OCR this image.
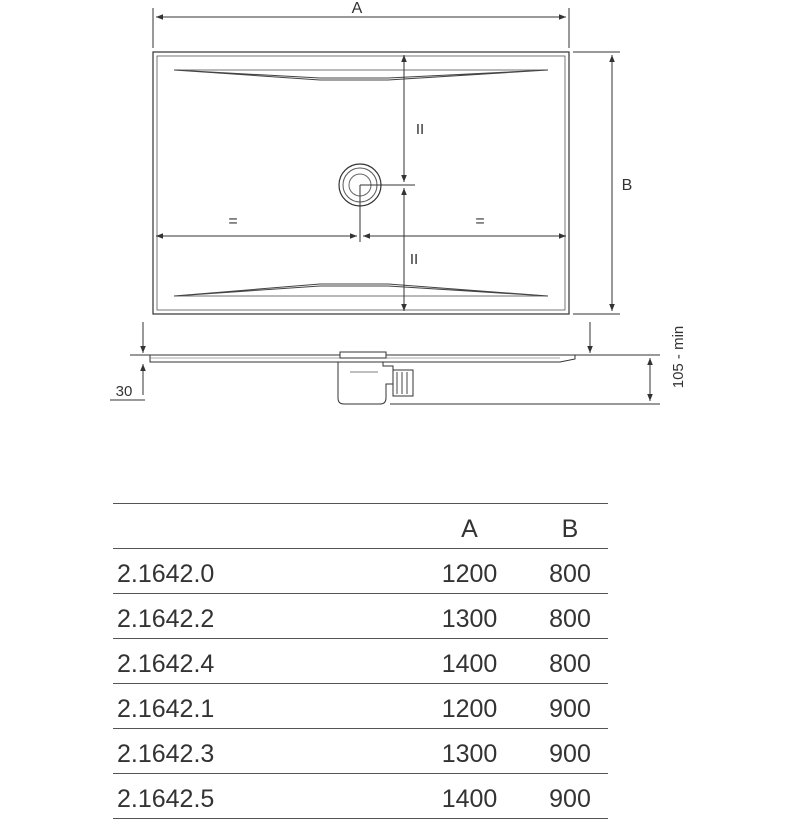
A
=	=
II
II
B
30
105 - min
	A	B
2.1642.0	1200	800
2.1642.2	1300	800
2.1642.4	1400	800
2.1642.1	1200	900
2.1642.3	1300	900
2.1642.5	1400	900
